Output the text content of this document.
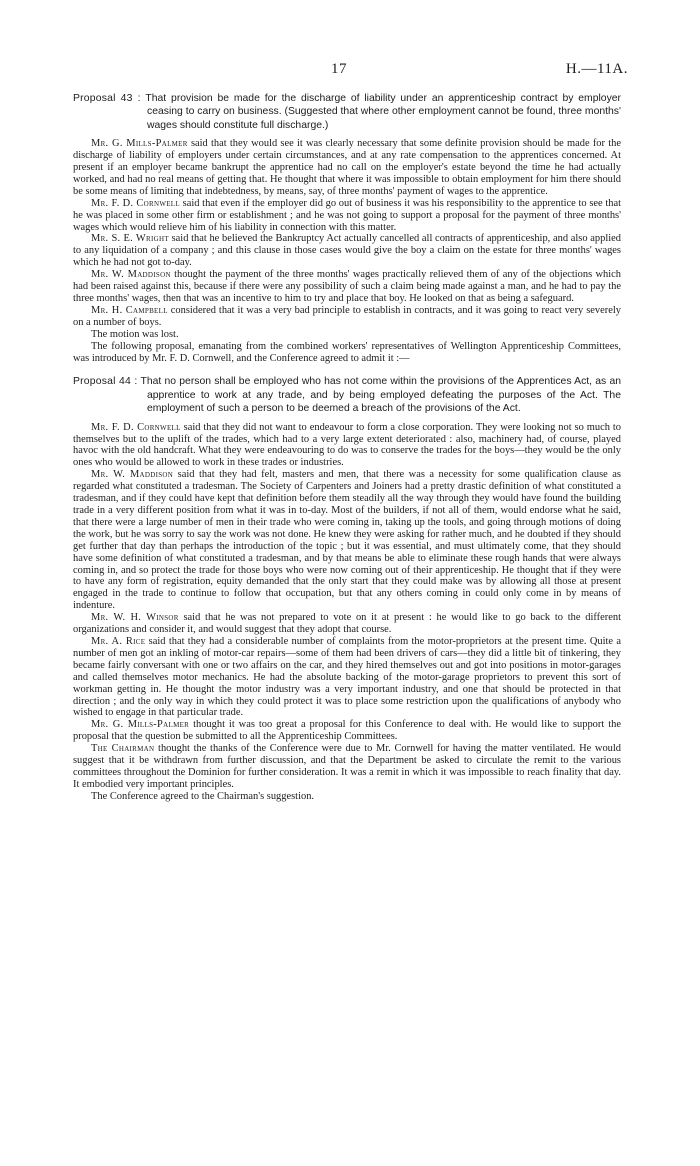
17	H.—11A.

Proposal 43 : That provision be made for the discharge of liability under an apprenticeship contract by employer ceasing to carry on business. (Suggested that where other employment cannot be found, three months' wages should constitute full discharge.)

Mr. G. Mills-Palmer said that they would see it was clearly necessary that some definite provision should be made for the discharge of liability of employers under certain circumstances, and at any rate compensation to the apprentices concerned. At present if an employer became bankrupt the apprentice had no call on the employer's estate beyond the time he had actually worked, and had no real means of getting that. He thought that where it was impossible to obtain employment for him there should be some means of limiting that indebtedness, by means, say, of three months' payment of wages to the apprentice.

Mr. F. D. Cornwell said that even if the employer did go out of business it was his responsibility to the apprentice to see that he was placed in some other firm or establishment ; and he was not going to support a proposal for the payment of three months' wages which would relieve him of his liability in connection with this matter.

Mr. S. E. Wright said that he believed the Bankruptcy Act actually cancelled all contracts of apprenticeship, and also applied to any liquidation of a company ; and this clause in those cases would give the boy a claim on the estate for three months' wages which he had not got to-day.

Mr. W. Maddison thought the payment of the three months' wages practically relieved them of any of the objections which had been raised against this, because if there were any possibility of such a claim being made against a man, and he had to pay the three months' wages, then that was an incentive to him to try and place that boy. He looked on that as being a safeguard.

Mr. H. Campbell considered that it was a very bad principle to establish in contracts, and it was going to react very severely on a number of boys.

The motion was lost.

The following proposal, emanating from the combined workers' representatives of Wellington Apprenticeship Committees, was introduced by Mr. F. D. Cornwell, and the Conference agreed to admit it :—

Proposal 44 : That no person shall be employed who has not come within the provisions of the Apprentices Act, as an apprentice to work at any trade, and by being employed defeating the purposes of the Act. The employment of such a person to be deemed a breach of the provisions of the Act.

Mr. F. D. Cornwell said that they did not want to endeavour to form a close corporation. They were looking not so much to themselves but to the uplift of the trades, which had to a very large extent deteriorated : also, machinery had, of course, played havoc with the old handcraft. What they were endeavouring to do was to conserve the trades for the boys—they would be the only ones who would be allowed to work in these trades or industries.

Mr. W. Maddison said that they had felt, masters and men, that there was a necessity for some qualification clause as regarded what constituted a tradesman. The Society of Carpenters and Joiners had a pretty drastic definition of what constituted a tradesman, and if they could have kept that definition before them steadily all the way through they would have found the building trade in a very different position from what it was in to-day. Most of the builders, if not all of them, would endorse what he said, that there were a large number of men in their trade who were coming in, taking up the tools, and going through motions of doing the work, but he was sorry to say the work was not done. He knew they were asking for rather much, and he doubted if they should get further that day than perhaps the introduction of the topic ; but it was essential, and must ultimately come, that they should have some definition of what constituted a tradesman, and by that means be able to eliminate these rough hands that were always coming in, and so protect the trade for those boys who were now coming out of their apprenticeship. He thought that if they were to have any form of registration, equity demanded that the only start that they could make was by allowing all those at present engaged in the trade to continue to follow that occupation, but that any others coming in could only come in by means of indenture.

Mr. W. H. Winsor said that he was not prepared to vote on it at present : he would like to go back to the different organizations and consider it, and would suggest that they adopt that course.

Mr. A. Rice said that they had a considerable number of complaints from the motor-proprietors at the present time. Quite a number of men got an inkling of motor-car repairs—some of them had been drivers of cars—they did a little bit of tinkering, they became fairly conversant with one or two affairs on the car, and they hired themselves out and got into positions in motor-garages and called themselves motor mechanics. He had the absolute backing of the motor-garage proprietors to prevent this sort of workman getting in. He thought the motor industry was a very important industry, and one that should be protected in that direction ; and the only way in which they could protect it was to place some restriction upon the qualifications of anybody who wished to engage in that particular trade.

Mr. G. Mills-Palmer thought it was too great a proposal for this Conference to deal with. He would like to support the proposal that the question be submitted to all the Apprenticeship Committees.

The Chairman thought the thanks of the Conference were due to Mr. Cornwell for having the matter ventilated. He would suggest that it be withdrawn from further discussion, and that the Department be asked to circulate the remit to the various committees throughout the Dominion for further consideration. It was a remit in which it was impossible to reach finality that day. It embodied very important principles.

The Conference agreed to the Chairman's suggestion.
